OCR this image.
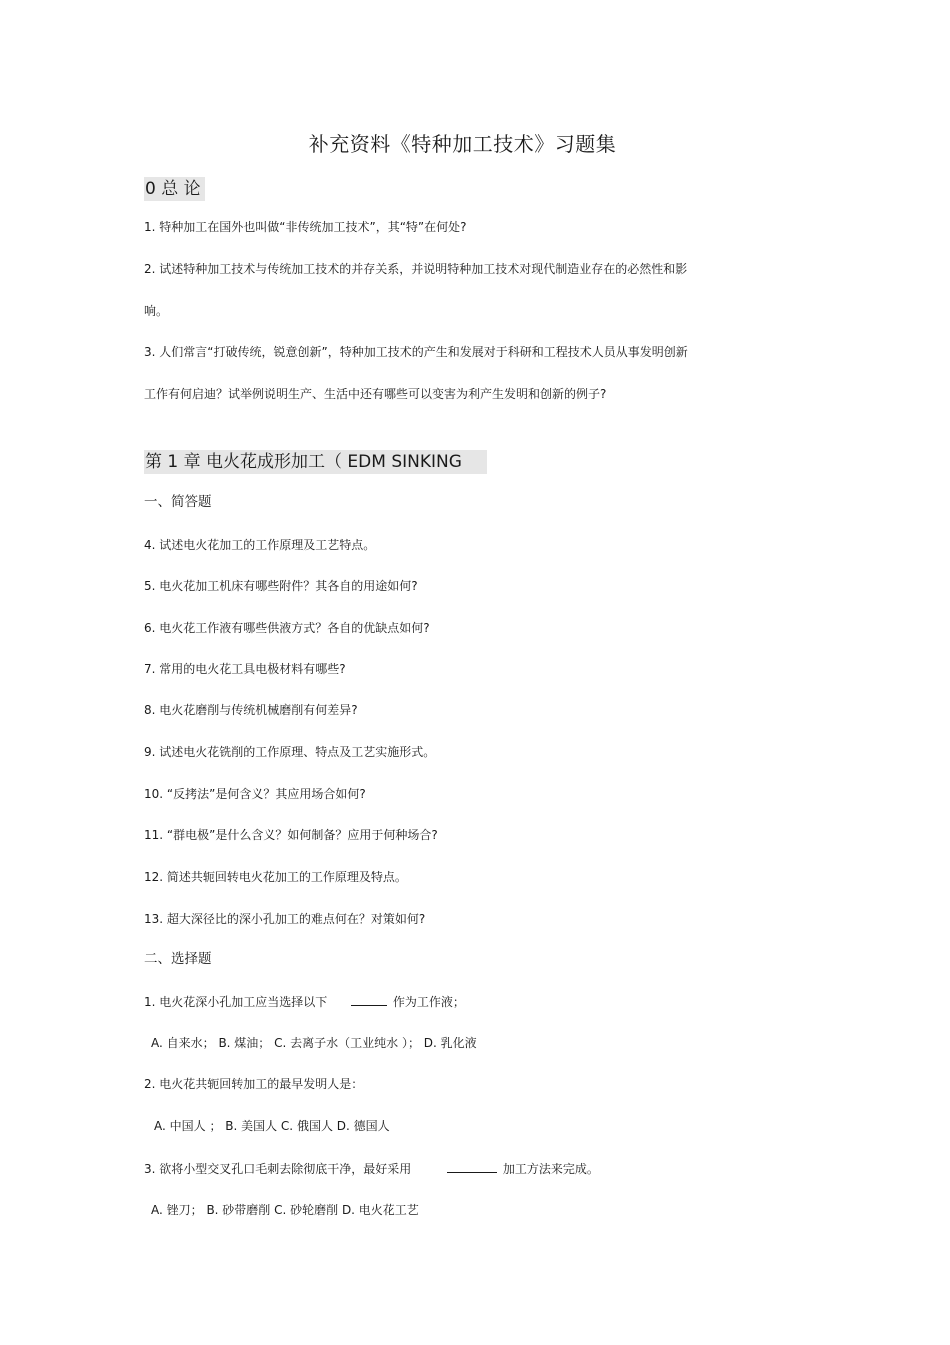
补充资料《特种加工技术》习题集
0 总 论
1. 特种加工在国外也叫做“非传统加工技术”，其“特”在何处?
2. 试述特种加工技术与传统加工技术的并存关系，并说明特种加工技术对现代制造业存在的必然性和影
响。
3. 人们常言“打破传统，锐意创新”，特种加工技术的产生和发展对于科研和工程技术人员从事发明创新
工作有何启迪？试举例说明生产、生活中还有哪些可以变害为利产生发明和创新的例子?
第 1 章 电火花成形加工（ EDM SINKING
一、简答题
4. 试述电火花加工的工作原理及工艺特点。
5. 电火花加工机床有哪些附件？其各自的用途如何?
6. 电火花工作液有哪些供液方式？各自的优缺点如何?
7. 常用的电火花工具电极材料有哪些?
8. 电火花磨削与传统机械磨削有何差异?
9. 试述电火花铣削的工作原理、特点及工艺实施形式。
10. “反拷法”是何含义？其应用场合如何?
11. “群电极”是什么含义？如何制备？应用于何种场合?
12. 简述共轭回转电火花加工的工作原理及特点。
13. 超大深径比的深小孔加工的难点何在？对策如何?
二、选择题
1. 电火花深小孔加工应当选择以下	作为工作液；
A. 自来水； B. 煤油； C. 去离子水（工业纯水 ）； D. 乳化液
2. 电火花共轭回转加工的最早发明人是：
A. 中国人 ； B. 美国人 C. 俄国人 D. 德国人
3. 欲将小型交叉孔口毛刺去除彻底干净，最好采用	加工方法来完成。
A. 锉刀； B. 砂带磨削 C. 砂轮磨削 D. 电火花工艺
